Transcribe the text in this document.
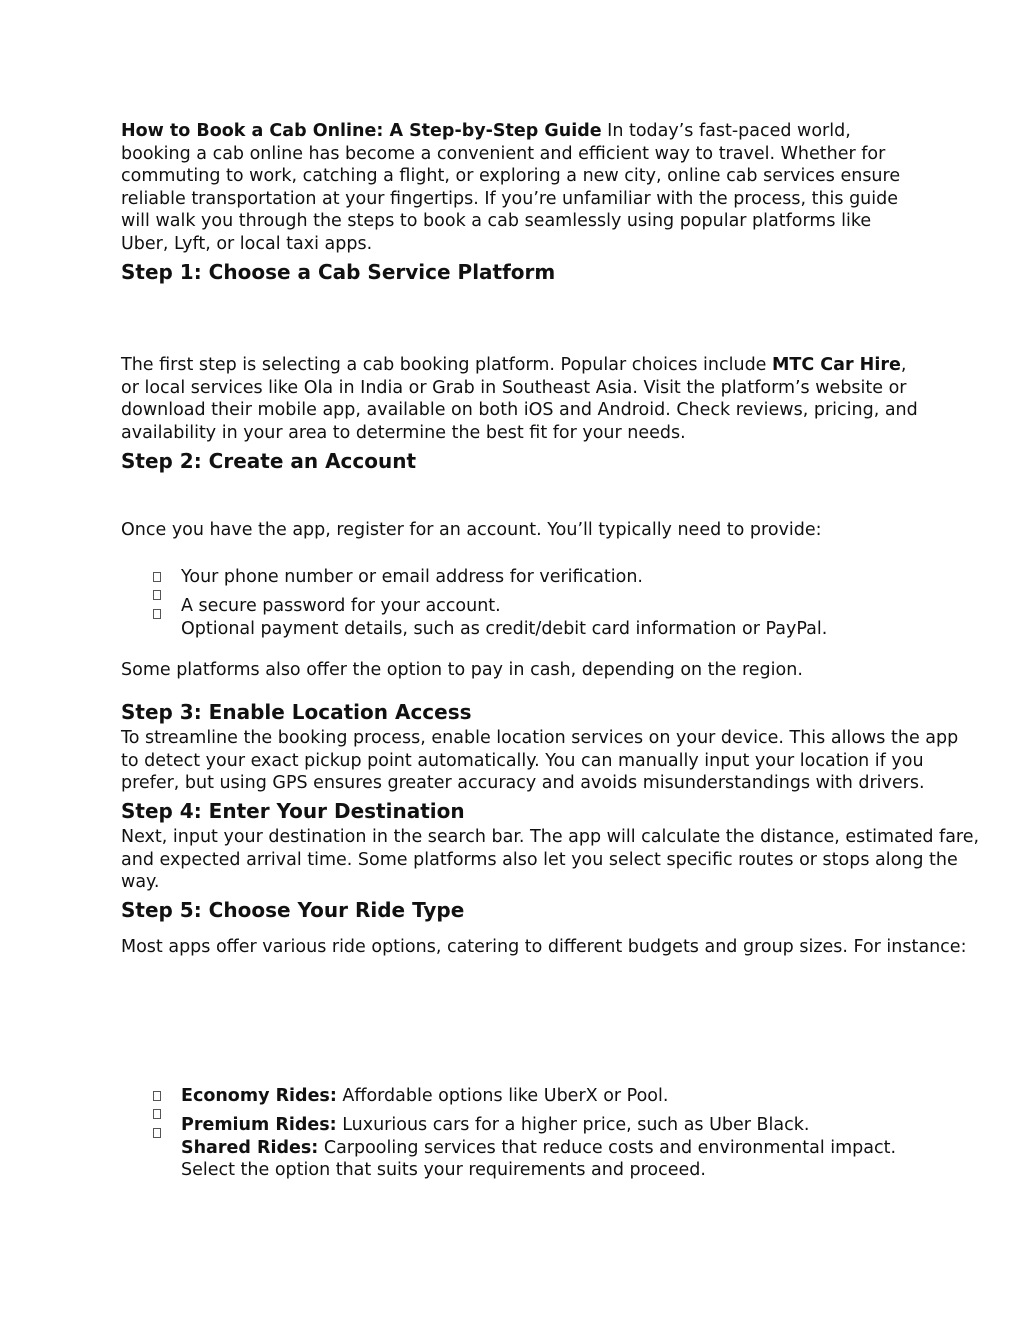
How to Book a Cab Online: A Step-by-Step Guide In today’s fast-paced world, booking a cab online has become a convenient and efficient way to travel. Whether for commuting to work, catching a flight, or exploring a new city, online cab services ensure reliable transportation at your fingertips. If you’re unfamiliar with the process, this guide will walk you through the steps to book a cab seamlessly using popular platforms like Uber, Lyft, or local taxi apps.

Step 1: Choose a Cab Service Platform

The first step is selecting a cab booking platform. Popular choices include MTC Car Hire, or local services like Ola in India or Grab in Southeast Asia. Visit the platform’s website or download their mobile app, available on both iOS and Android. Check reviews, pricing, and availability in your area to determine the best fit for your needs.

Step 2: Create an Account

Once you have the app, register for an account. You’ll typically need to provide:

Your phone number or email address for verification.
A secure password for your account.
Optional payment details, such as credit/debit card information or PayPal.

Some platforms also offer the option to pay in cash, depending on the region.

Step 3: Enable Location Access

To streamline the booking process, enable location services on your device. This allows the app to detect your exact pickup point automatically. You can manually input your location if you prefer, but using GPS ensures greater accuracy and avoids misunderstandings with drivers.

Step 4: Enter Your Destination

Next, input your destination in the search bar. The app will calculate the distance, estimated fare, and expected arrival time. Some platforms also let you select specific routes or stops along the way.

Step 5: Choose Your Ride Type

Most apps offer various ride options, catering to different budgets and group sizes. For instance:

Economy Rides: Affordable options like UberX or Pool.
Premium Rides: Luxurious cars for a higher price, such as Uber Black.
Shared Rides: Carpooling services that reduce costs and environmental impact.
Select the option that suits your requirements and proceed.
